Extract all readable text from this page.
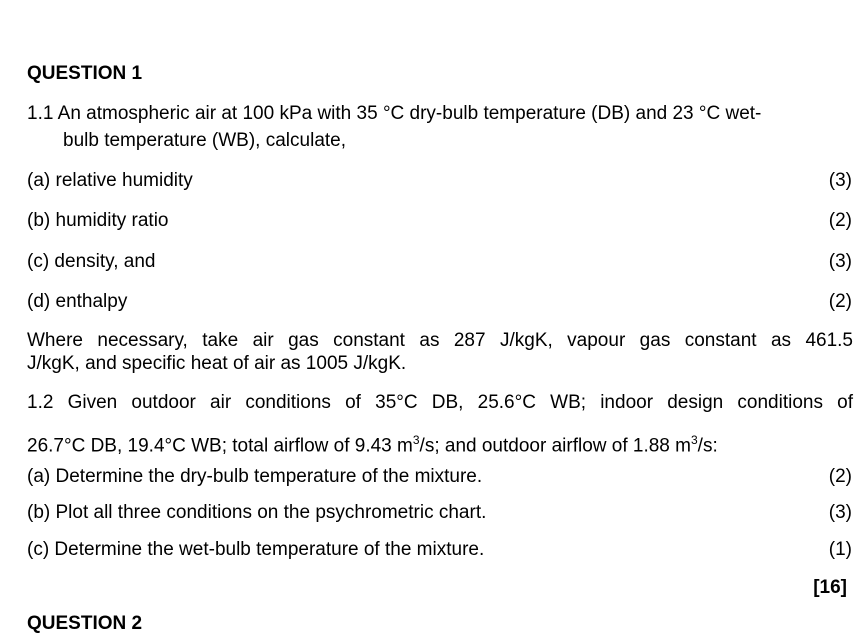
QUESTION 1
1.1 An atmospheric air at 100 kPa with 35 °C dry-bulb temperature (DB) and 23 °C wet-
bulb temperature (WB), calculate,
(a) relative humidity	(3)
(b) humidity ratio	(2)
(c) density, and	(3)
(d) enthalpy	(2)
Where necessary, take air gas constant as 287 J/kgK, vapour gas constant as 461.5
J/kgK, and specific heat of air as 1005 J/kgK.
1.2 Given outdoor air conditions of 35°C DB, 25.6°C WB; indoor design conditions of
26.7°C DB, 19.4°C WB; total airflow of 9.43 $m^3/s$; and outdoor airflow of 1.88 $m^3/s$:
(a) Determine the dry-bulb temperature of the mixture.	(2)
(b) Plot all three conditions on the psychrometric chart.	(3)
(c) Determine the wet-bulb temperature of the mixture.	(1)
[16]
QUESTION 2
